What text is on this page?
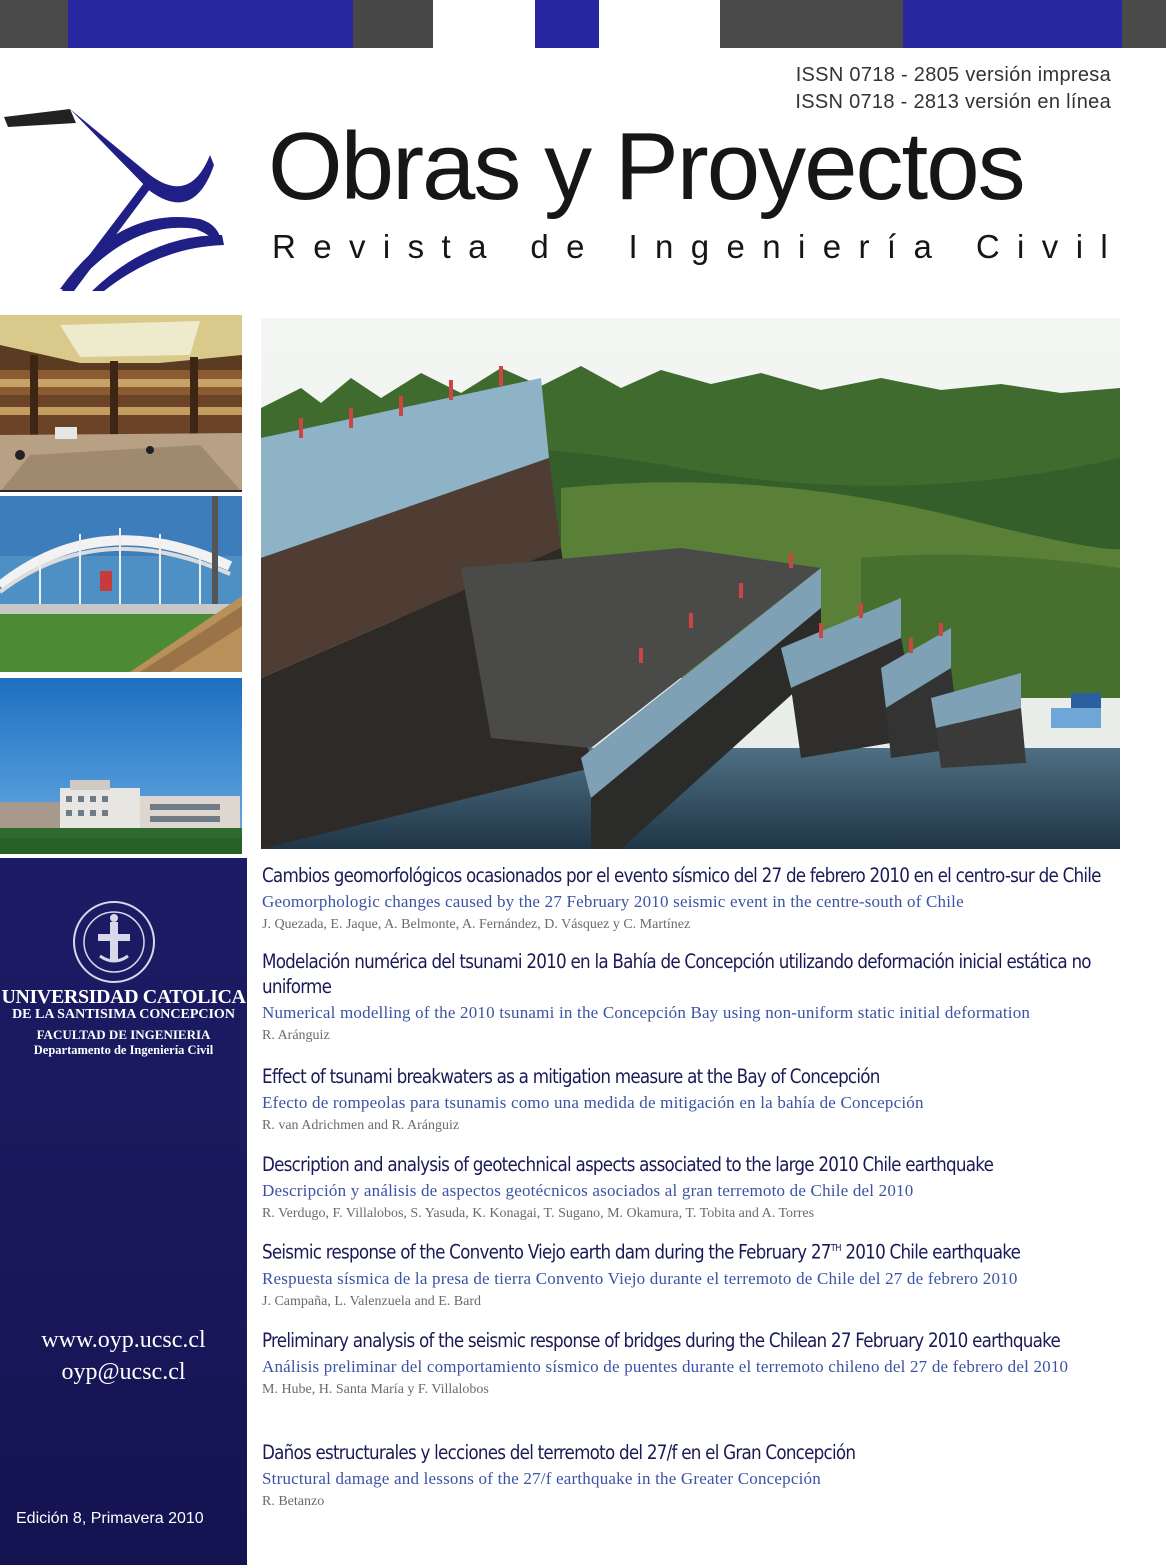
ISSN 0718 - 2805 versión impresa
ISSN 0718 - 2813 versión en línea
Obras y Proyectos
Revista de Ingeniería Civil
UNIVERSIDAD CATOLICA
DE LA SANTISIMA CONCEPCION
FACULTAD DE INGENIERIA
Departamento de Ingeniería Civil
www.oyp.ucsc.cl
oyp@ucsc.cl
Edición 8, Primavera 2010
Cambios geomorfológicos ocasionados por el evento sísmico del 27 de febrero 2010 en el centro-sur de Chile
Geomorphologic changes caused by the 27 February 2010 seismic event in the centre-south of Chile
J. Quezada, E. Jaque, A. Belmonte, A. Fernández, D. Vásquez y C. Martínez
Modelación numérica del tsunami 2010 en la Bahía de Concepción utilizando deformación inicial estática no uniforme
Numerical modelling of the 2010 tsunami in the Concepción Bay using non-uniform static initial deformation
R. Aránguiz
Effect of tsunami breakwaters as a mitigation measure at the Bay of Concepción
Efecto de rompeolas para tsunamis como una medida de mitigación en la bahía de Concepción
R. van Adrichmen and R. Aránguiz
Description and analysis of geotechnical aspects associated to the large 2010 Chile earthquake
Descripción y análisis de aspectos geotécnicos asociados al gran terremoto de Chile del 2010
R. Verdugo, F. Villalobos, S. Yasuda, K. Konagai, T. Sugano, M. Okamura, T. Tobita and A. Torres
Seismic response of the Convento Viejo earth dam during the February 27TH 2010 Chile earthquake
Respuesta sísmica de la presa de tierra Convento Viejo durante el terremoto de Chile del 27 de febrero 2010
J. Campaña, L. Valenzuela and E. Bard
Preliminary analysis of the seismic response of bridges during the Chilean 27 February 2010 earthquake
Análisis preliminar del comportamiento sísmico de puentes durante el terremoto chileno del 27 de febrero del 2010
M. Hube, H. Santa María y F. Villalobos
Daños estructurales y lecciones del terremoto del 27/f en el Gran Concepción
Structural damage and lessons of the 27/f earthquake in the Greater Concepción
R. Betanzo
